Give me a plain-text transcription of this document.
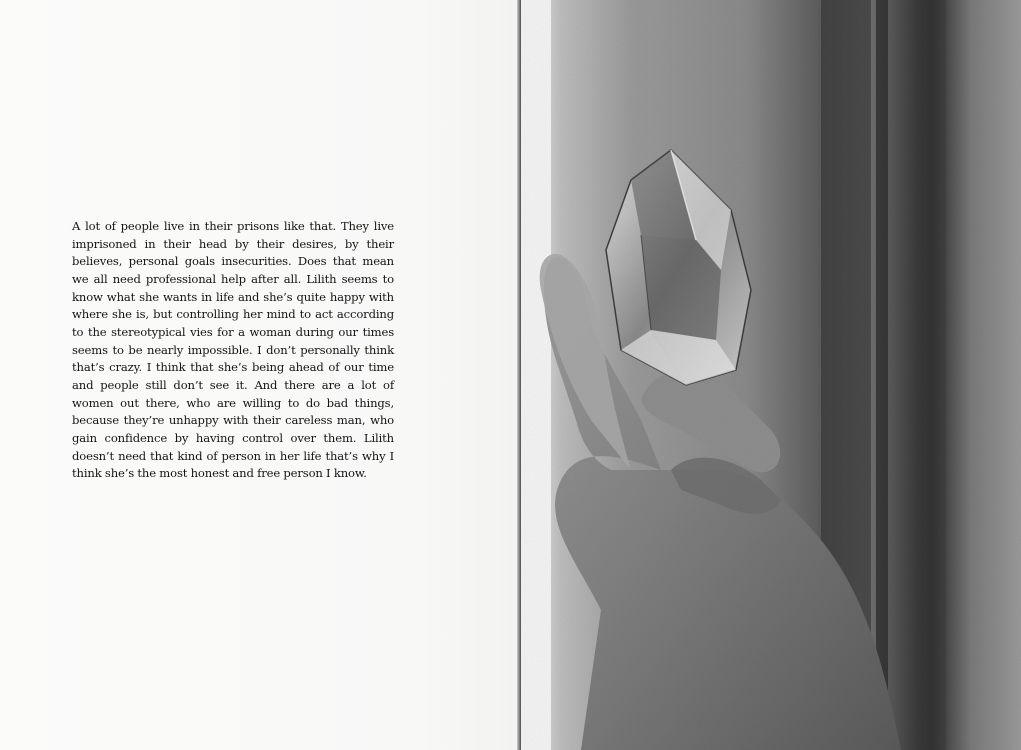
A lot of people live in their prisons like that. They live imprisoned in their head by their desires, by their believes, personal goals insecurities. Does that mean we all need professional help after all. Lilith seems to know what she wants in life and she’s quite happy with where she is, but controlling her mind to act according to the stereotypical vies for a woman during our times seems to be nearly impossible. I don’t personally think that’s crazy. I think that she’s being ahead of our time and people still don’t see it. And there are a lot of women out there, who are willing to do bad things, because they’re unhappy with their careless man, who gain confidence by having control over them. Lilith doesn’t need that kind of person in her life that’s why I think she’s the most honest and free person I know.
